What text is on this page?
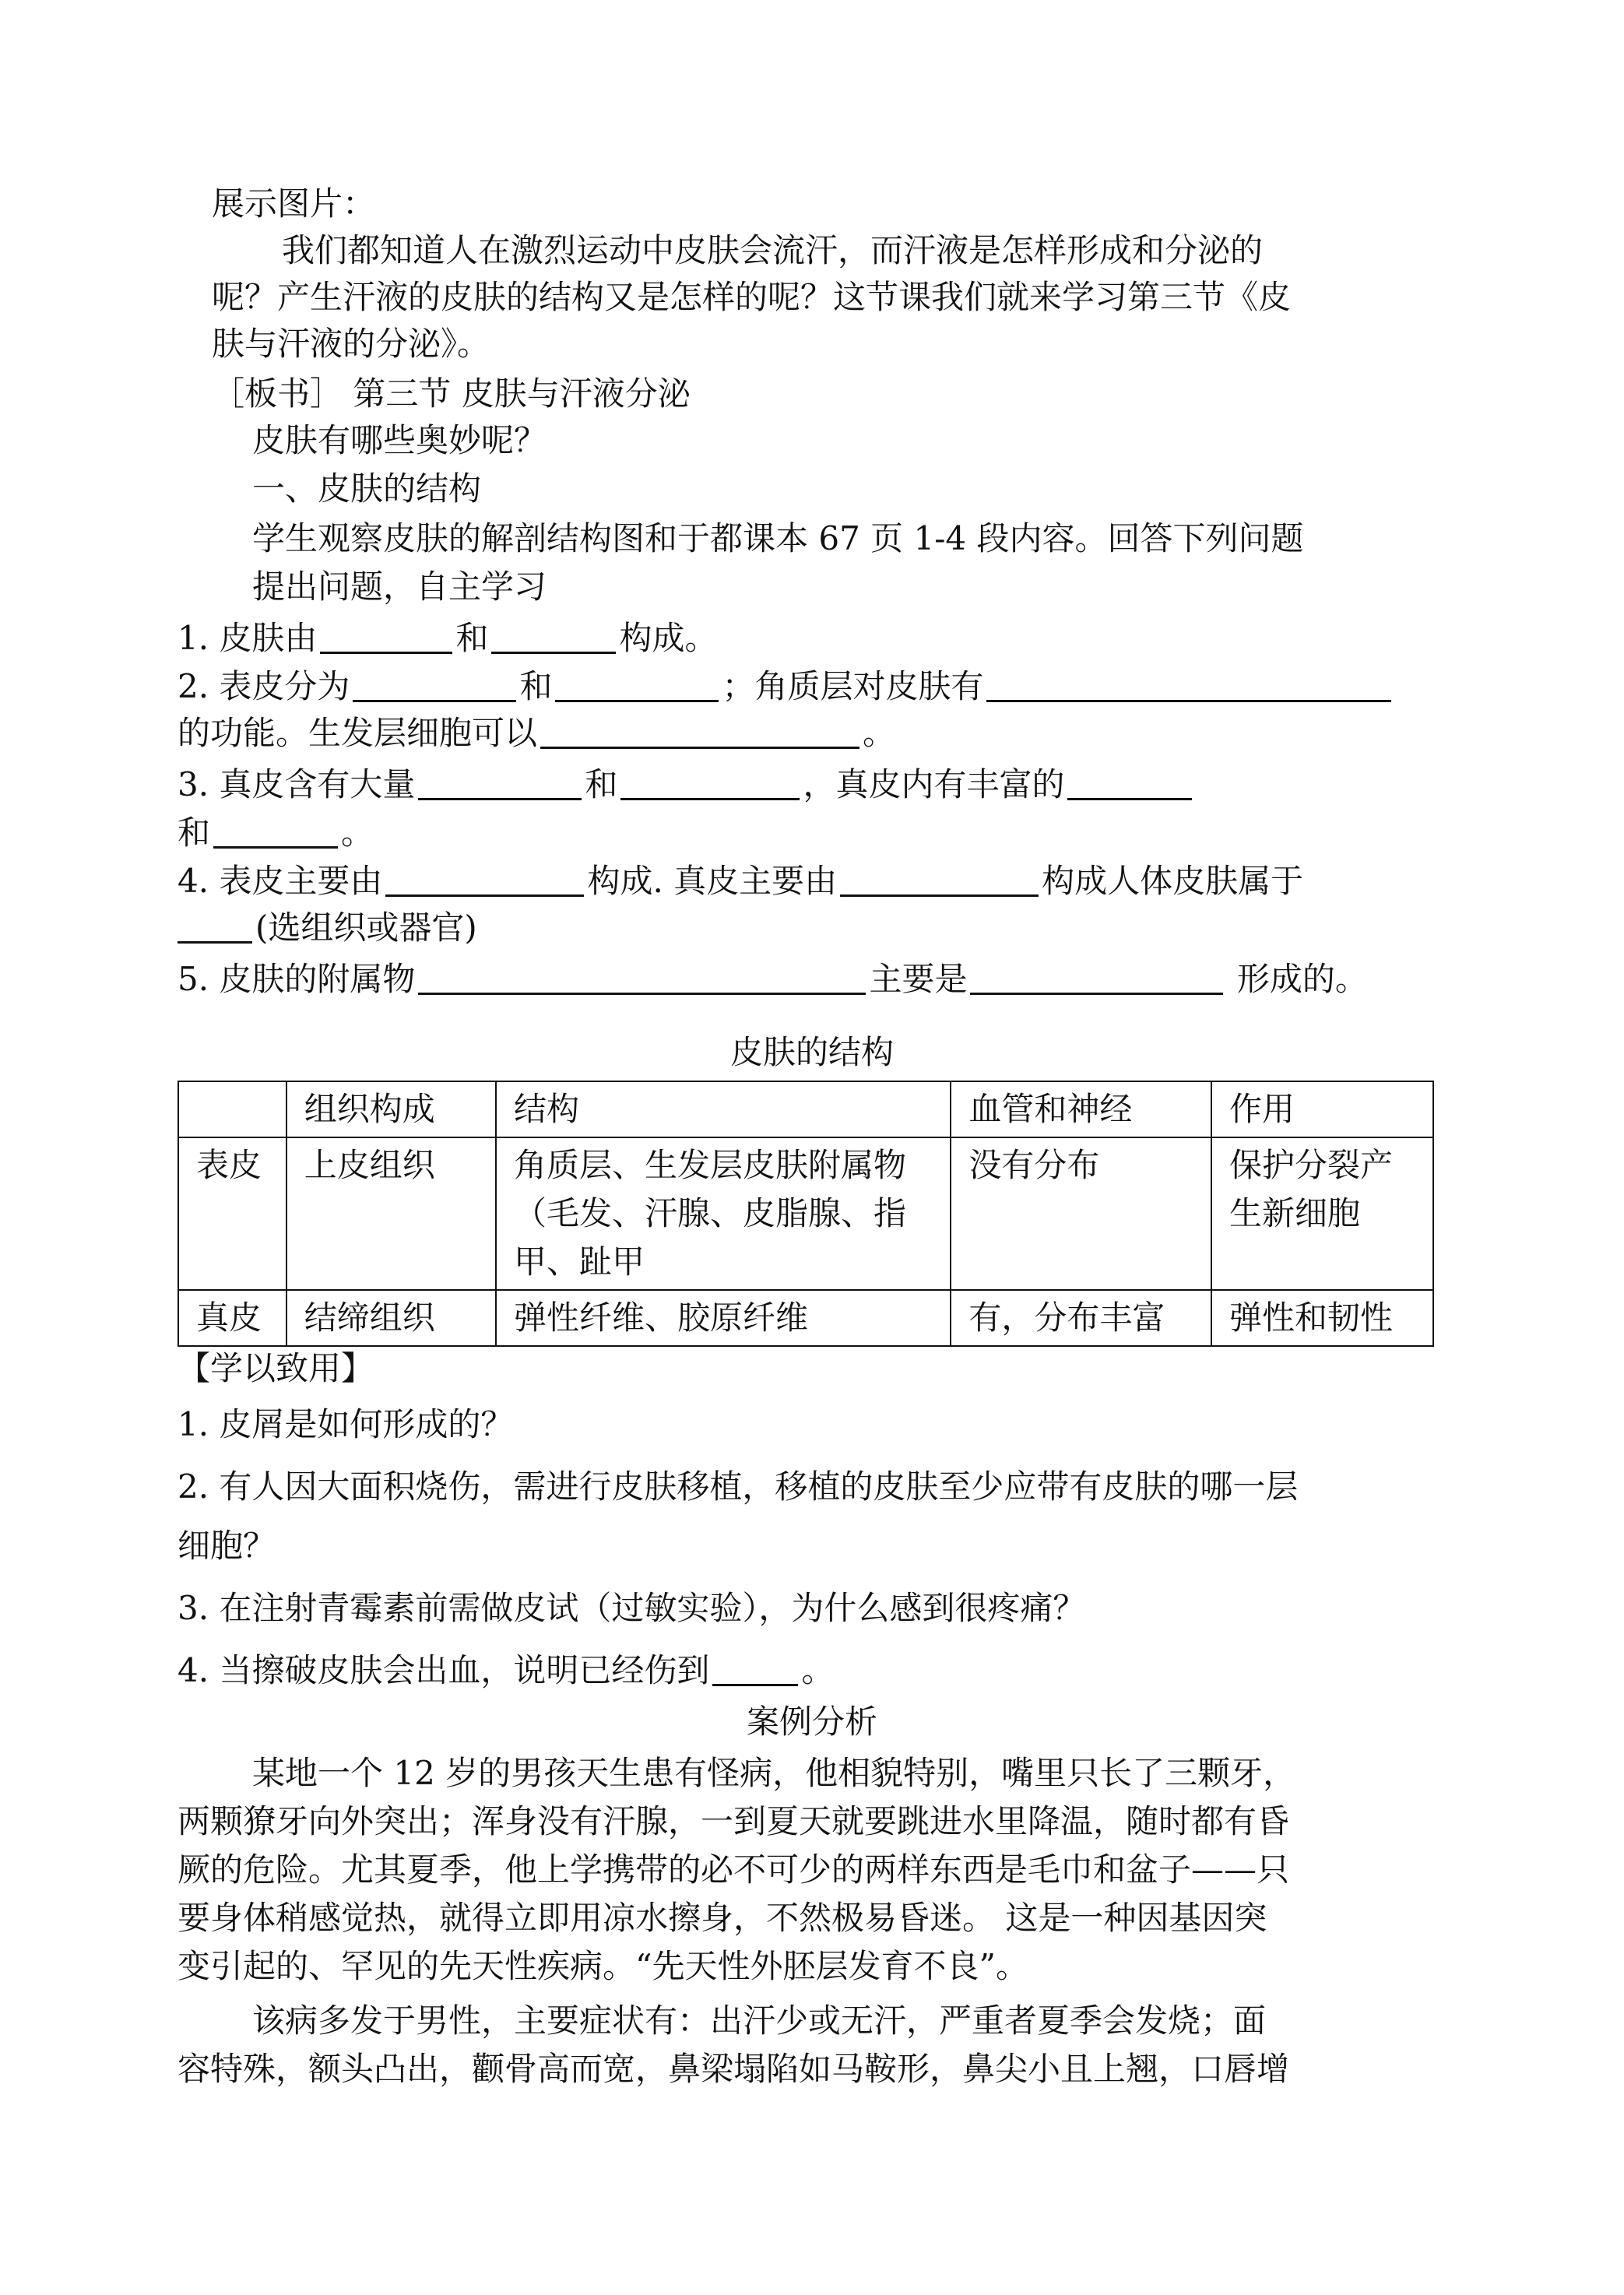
展示图片：
我们都知道人在激烈运动中皮肤会流汗，而汗液是怎样形成和分泌的
呢？产生汗液的皮肤的结构又是怎样的呢？这节课我们就来学习第三节《皮
肤与汗液的分泌》。
［板书］ 第三节 皮肤与汗液分泌
皮肤有哪些奥妙呢？
一、皮肤的结构
学生观察皮肤的解剖结构图和于都课本 67 页 1-4 段内容。回答下列问题
提出问题，自主学习
1. 皮肤由	和	构成。
2. 表皮分为	和	；角质层对皮肤有
的功能。生发层细胞可以	。
3. 真皮含有大量	和	，真皮内有丰富的
和	。
4. 表皮主要由	构成. 真皮主要由	构成人体皮肤属于
(选组织或器官)
5. 皮肤的附属物	主要是	形成的。
皮肤的结构
	组织构成	结构	血管和神经	作用
表皮	上皮组织	角质层、生发层皮肤附属物（毛发、汗腺、皮脂腺、指甲、趾甲	没有分布	保护分裂产生新细胞
真皮	结缔组织	弹性纤维、胶原纤维	有，分布丰富	弹性和韧性
【学以致用】
1. 皮屑是如何形成的？
2. 有人因大面积烧伤，需进行皮肤移植，移植的皮肤至少应带有皮肤的哪一层
细胞？
3. 在注射青霉素前需做皮试（过敏实验），为什么感到很疼痛？
4. 当擦破皮肤会出血，说明已经伤到	。
案例分析
某地一个 12 岁的男孩天生患有怪病，他相貌特别，嘴里只长了三颗牙，
两颗獠牙向外突出；浑身没有汗腺，一到夏天就要跳进水里降温，随时都有昏
厥的危险。尤其夏季，他上学携带的必不可少的两样东西是毛巾和盆子——只
要身体稍感觉热，就得立即用凉水擦身，不然极易昏迷。 这是一种因基因突
变引起的、罕见的先天性疾病。“先天性外胚层发育不良”。
该病多发于男性，主要症状有：出汗少或无汗，严重者夏季会发烧；面
容特殊，额头凸出，颧骨高而宽，鼻梁塌陷如马鞍形，鼻尖小且上翘，口唇增
